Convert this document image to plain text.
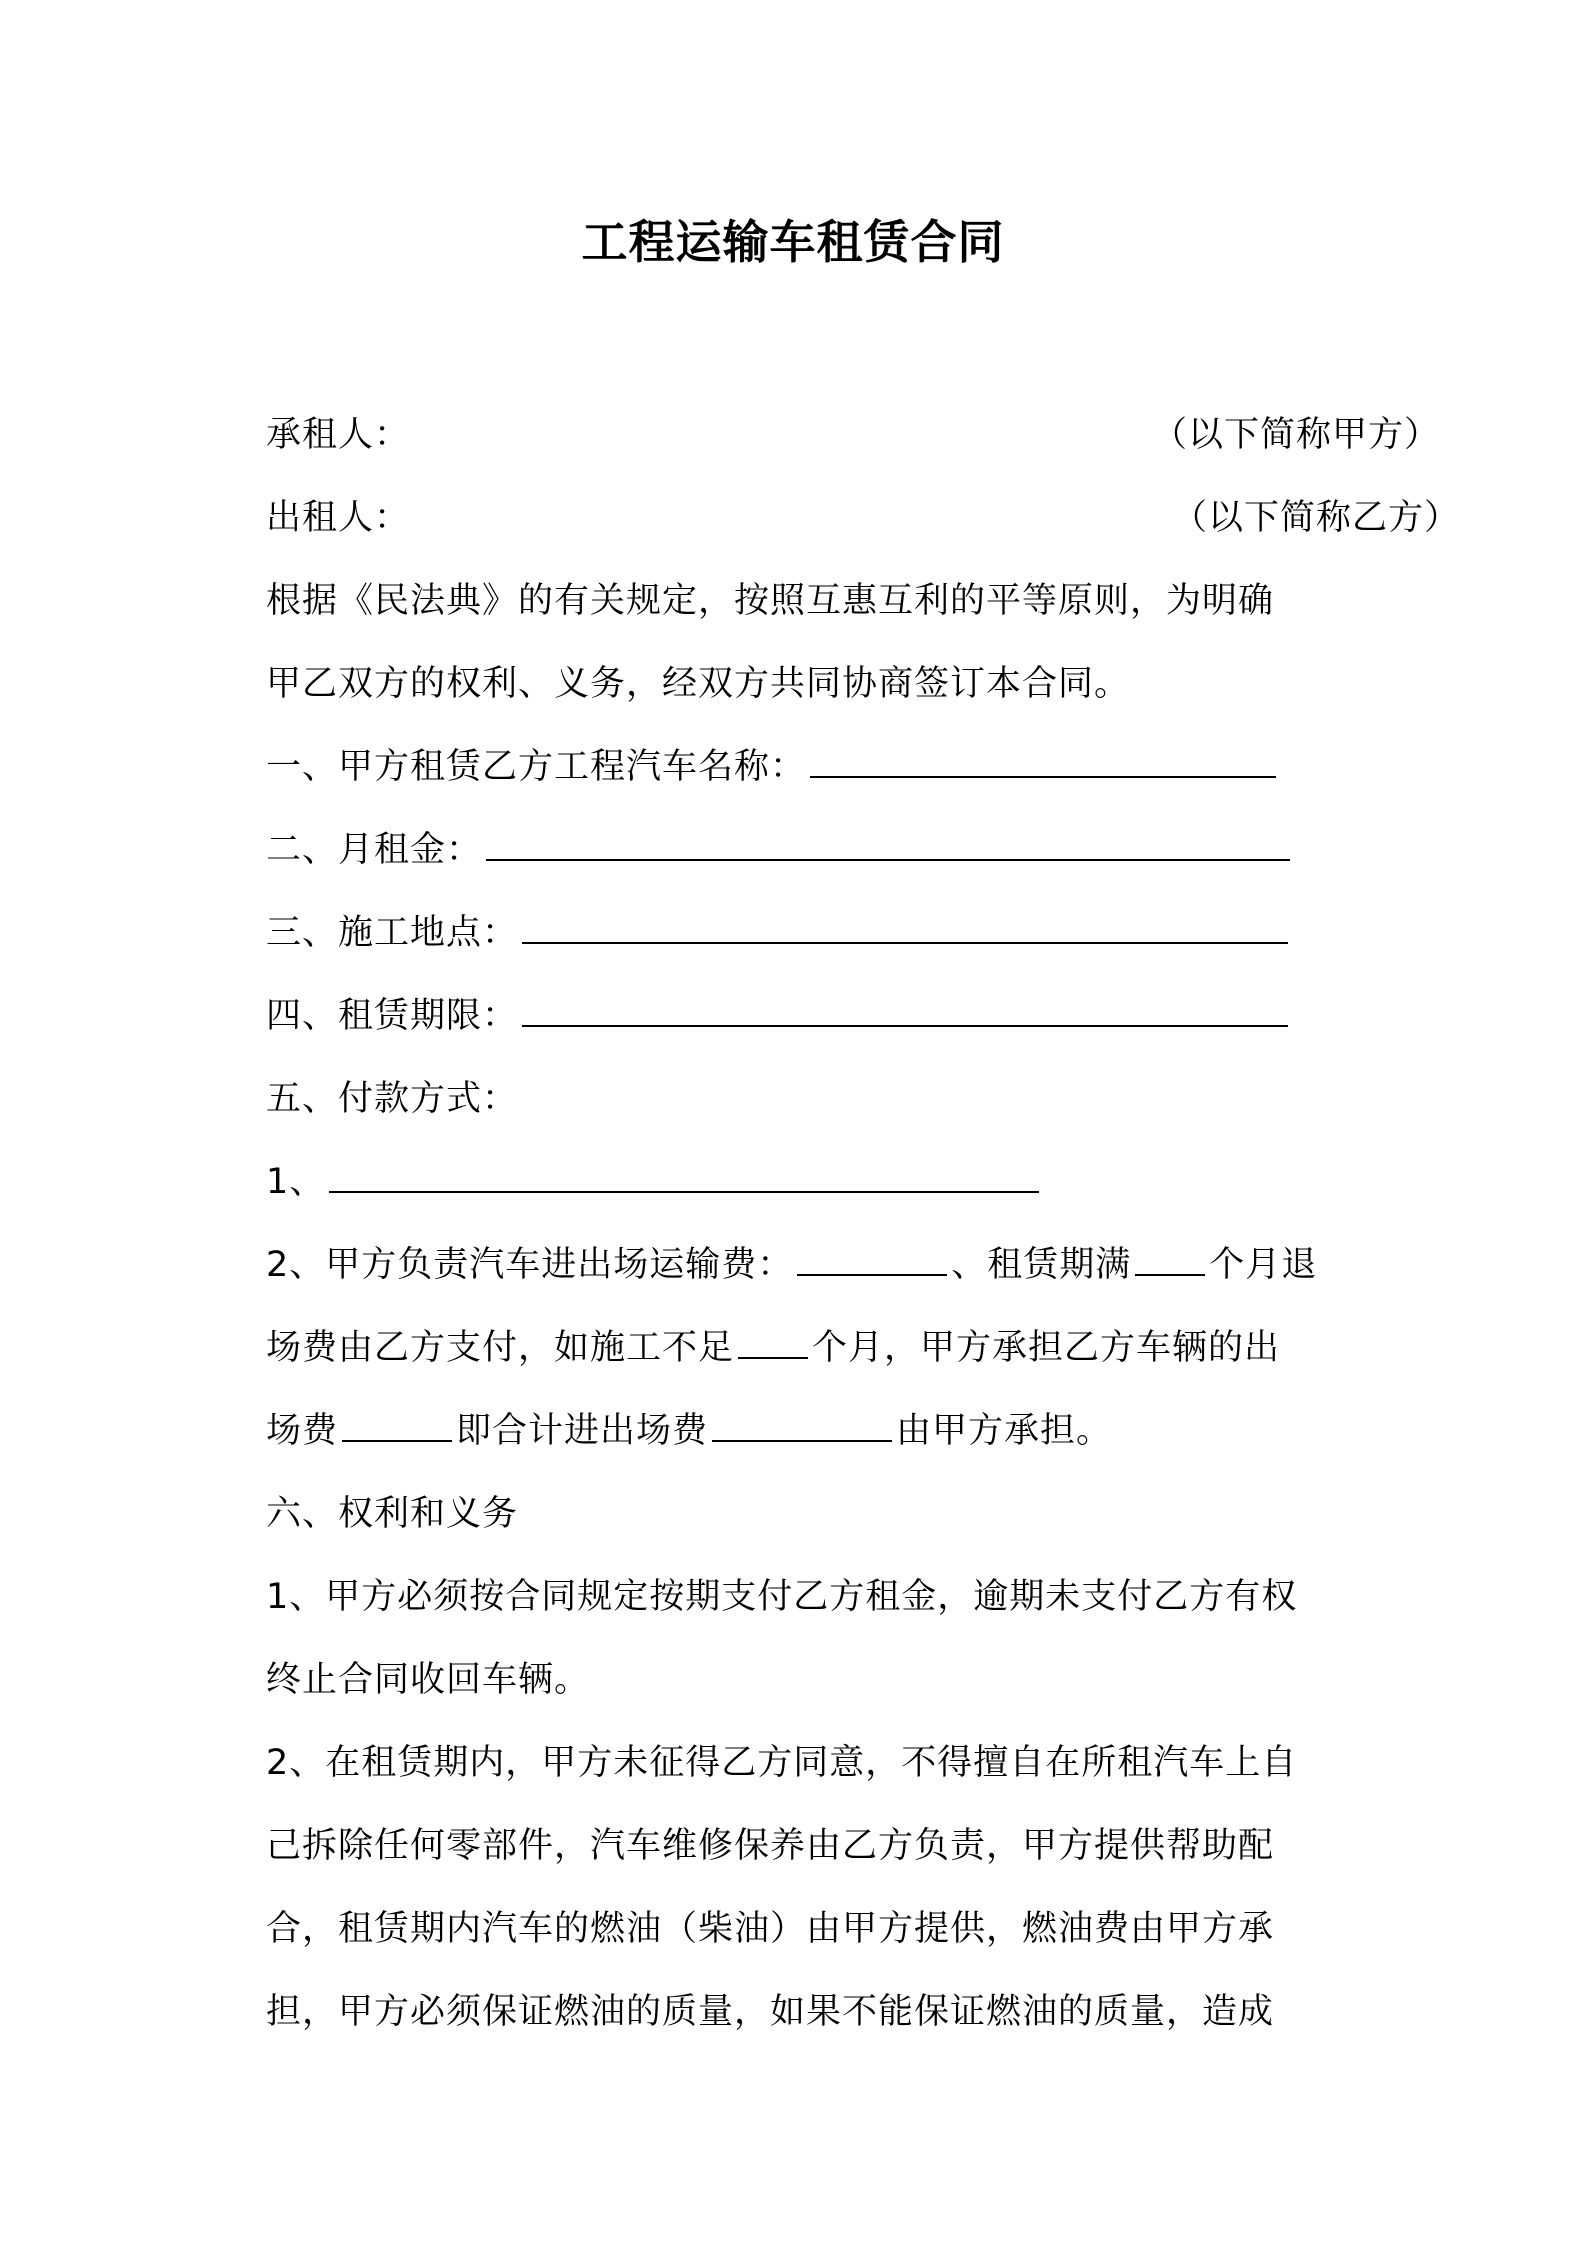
工程运输车租赁合同
承租人：	（以下简称甲方）
出租人：	（以下简称乙方）
根据《民法典》的有关规定，按照互惠互利的平等原则，为明确
甲乙双方的权利、义务，经双方共同协商签订本合同。
一、甲方租赁乙方工程汽车名称：
二、月租金：
三、施工地点：
四、租赁期限：
五、付款方式：
1、
2、甲方负责汽车进出场运输费：	、租赁期满 个月退
场费由乙方支付，如施工不足 个月，甲方承担乙方车辆的出
场费	即合计进出场费	由甲方承担。
六、权利和义务
1、甲方必须按合同规定按期支付乙方租金，逾期未支付乙方有权
终止合同收回车辆。
2、在租赁期内，甲方未征得乙方同意，不得擅自在所租汽车上自
己拆除任何零部件，汽车维修保养由乙方负责，甲方提供帮助配
合，租赁期内汽车的燃油（柴油）由甲方提供，燃油费由甲方承
担，甲方必须保证燃油的质量，如果不能保证燃油的质量，造成
